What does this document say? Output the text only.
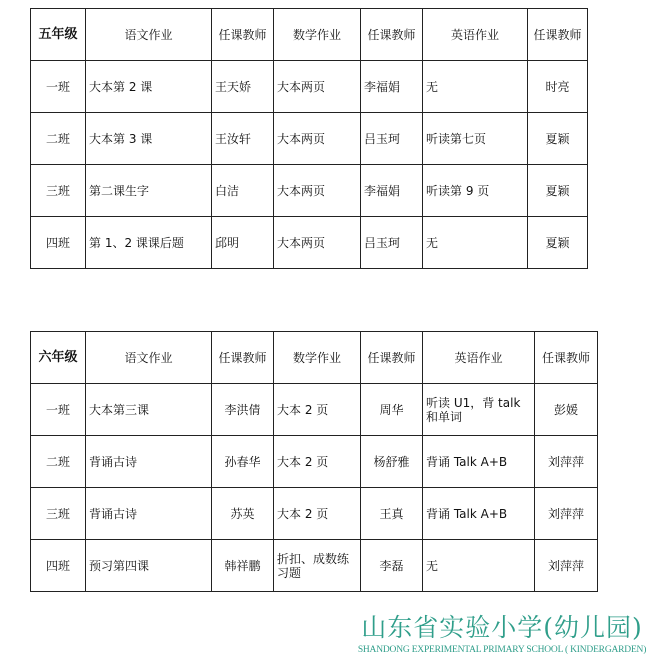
五年级	语文作业	任课教师	数学作业	任课教师	英语作业	任课教师
一班	大本第 2 课	王天娇	大本两页	李福娟	无	时亮
二班	大本第 3 课	王汝轩	大本两页	吕玉珂	听读第七页	夏颖
三班	第二课生字	白洁	大本两页	李福娟	听读第 9 页	夏颖
四班	第 1、2 课课后题	邱明	大本两页	吕玉珂	无	夏颖
六年级	语文作业	任课教师	数学作业	任课教师	英语作业	任课教师
一班	大本第三课	李洪倩	大本 2 页	周华	听读 U1，背 talk 和单词	彭媛
二班	背诵古诗	孙春华	大本 2 页	杨舒雅	背诵 Talk A+B	刘萍萍
三班	背诵古诗	苏英	大本 2 页	王真	背诵 Talk A+B	刘萍萍
四班	预习第四课	韩祥鹏	折扣、成数练习题	李磊	无	刘萍萍
山东省实验小学(幼儿园)
SHANDONG EXPERIMENTAL PRIMARY SCHOOL ( KINDERGARDEN)
